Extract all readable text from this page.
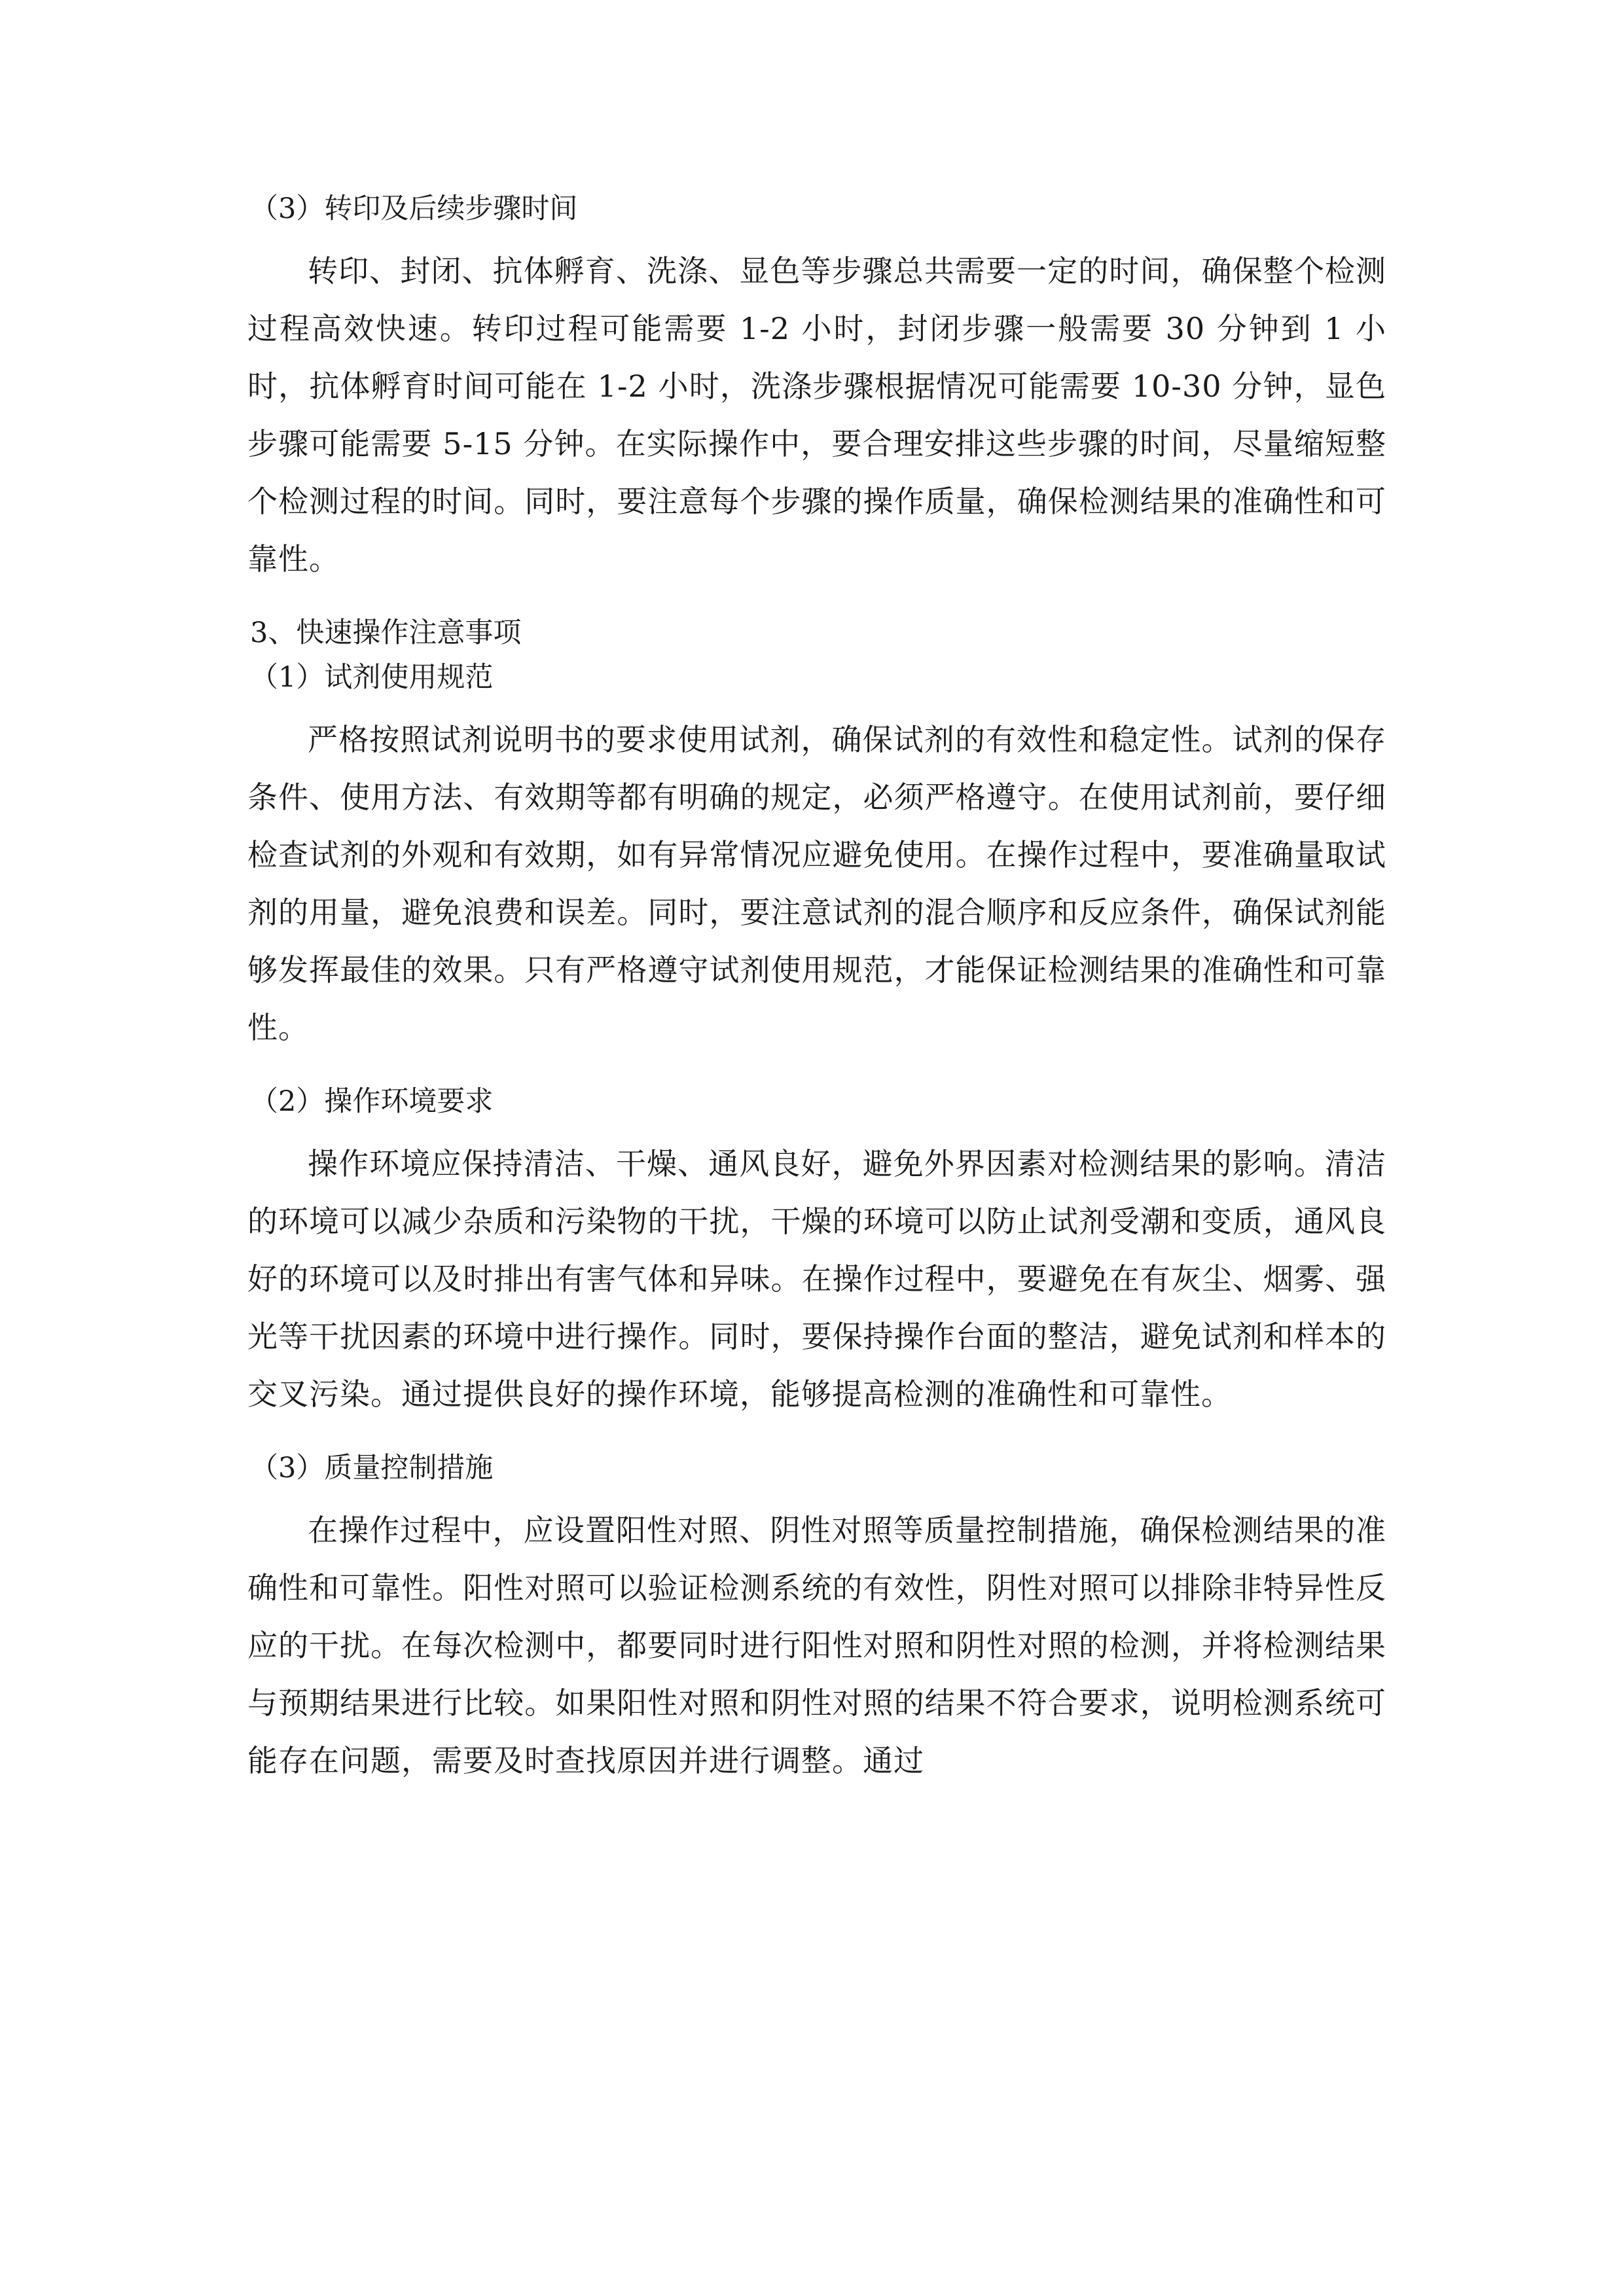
（3）转印及后续步骤时间

转印、封闭、抗体孵育、洗涤、显色等步骤总共需要一定的时间，确保整个检测过程高效快速。转印过程可能需要 1-2 小时，封闭步骤一般需要 30 分钟到 1 小时，抗体孵育时间可能在 1-2 小时，洗涤步骤根据情况可能需要 10-30 分钟，显色步骤可能需要 5-15 分钟。在实际操作中，要合理安排这些步骤的时间，尽量缩短整个检测过程的时间。同时，要注意每个步骤的操作质量，确保检测结果的准确性和可靠性。

3、快速操作注意事项

（1）试剂使用规范

严格按照试剂说明书的要求使用试剂，确保试剂的有效性和稳定性。试剂的保存条件、使用方法、有效期等都有明确的规定，必须严格遵守。在使用试剂前，要仔细检查试剂的外观和有效期，如有异常情况应避免使用。在操作过程中，要准确量取试剂的用量，避免浪费和误差。同时，要注意试剂的混合顺序和反应条件，确保试剂能够发挥最佳的效果。只有严格遵守试剂使用规范，才能保证检测结果的准确性和可靠性。

（2）操作环境要求

操作环境应保持清洁、干燥、通风良好，避免外界因素对检测结果的影响。清洁的环境可以减少杂质和污染物的干扰，干燥的环境可以防止试剂受潮和变质，通风良好的环境可以及时排出有害气体和异味。在操作过程中，要避免在有灰尘、烟雾、强光等干扰因素的环境中进行操作。同时，要保持操作台面的整洁，避免试剂和样本的交叉污染。通过提供良好的操作环境，能够提高检测的准确性和可靠性。

（3）质量控制措施

在操作过程中，应设置阳性对照、阴性对照等质量控制措施，确保检测结果的准确性和可靠性。阳性对照可以验证检测系统的有效性，阴性对照可以排除非特异性反应的干扰。在每次检测中，都要同时进行阳性对照和阴性对照的检测，并将检测结果与预期结果进行比较。如果阳性对照和阴性对照的结果不符合要求，说明检测系统可能存在问题，需要及时查找原因并进行调整。通过
